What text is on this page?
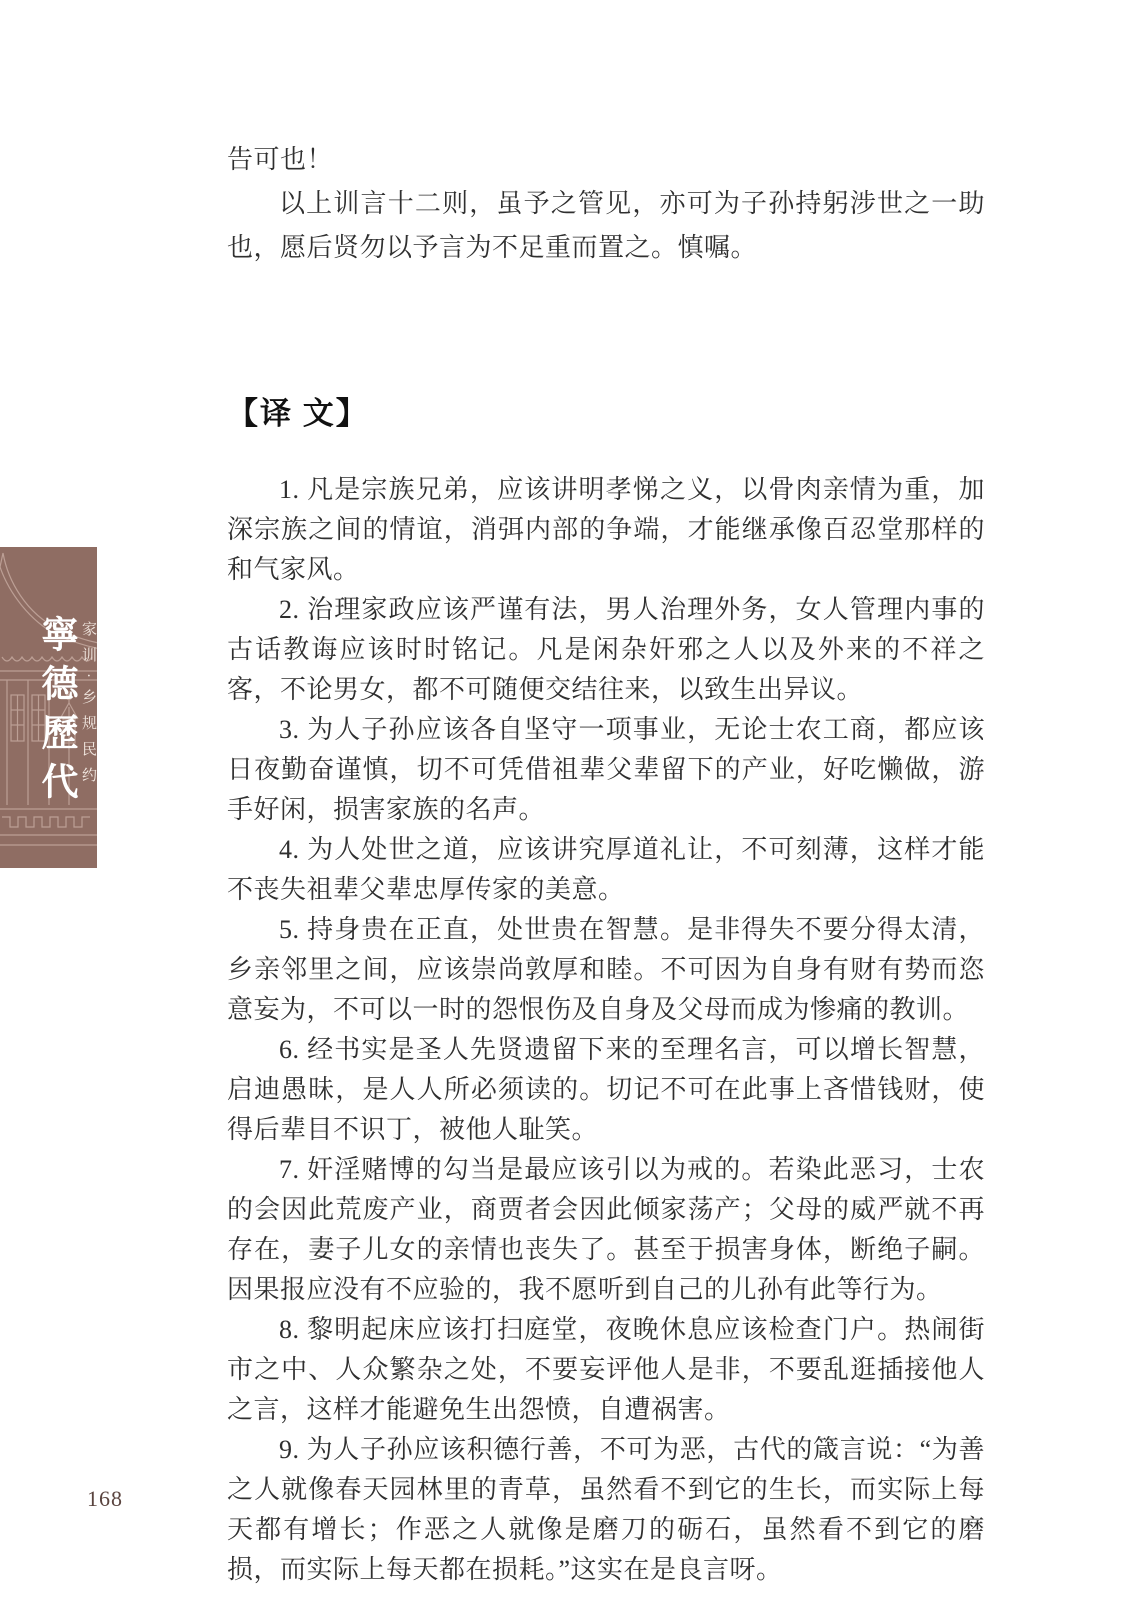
告可也！

以上训言十二则，虽予之管见，亦可为子孙持躬涉世之一助也，愿后贤勿以予言为不足重而置之。慎嘱。

【译 文】

1. 凡是宗族兄弟，应该讲明孝悌之义，以骨肉亲情为重，加深宗族之间的情谊，消弭内部的争端，才能继承像百忍堂那样的和气家风。

2. 治理家政应该严谨有法，男人治理外务，女人管理内事的古话教诲应该时时铭记。凡是闲杂奸邪之人以及外来的不祥之客，不论男女，都不可随便交结往来，以致生出异议。

3. 为人子孙应该各自坚守一项事业，无论士农工商，都应该日夜勤奋谨慎，切不可凭借祖辈父辈留下的产业，好吃懒做，游手好闲，损害家族的名声。

4. 为人处世之道，应该讲究厚道礼让，不可刻薄，这样才能不丧失祖辈父辈忠厚传家的美意。

5. 持身贵在正直，处世贵在智慧。是非得失不要分得太清，乡亲邻里之间，应该崇尚敦厚和睦。不可因为自身有财有势而恣意妄为，不可以一时的怨恨伤及自身及父母而成为惨痛的教训。

6. 经书实是圣人先贤遗留下来的至理名言，可以增长智慧，启迪愚昧，是人人所必须读的。切记不可在此事上吝惜钱财，使得后辈目不识丁，被他人耻笑。

7. 奸淫赌博的勾当是最应该引以为戒的。若染此恶习，士农的会因此荒废产业，商贾者会因此倾家荡产；父母的威严就不再存在，妻子儿女的亲情也丧失了。甚至于损害身体，断绝子嗣。因果报应没有不应验的，我不愿听到自己的儿孙有此等行为。

8. 黎明起床应该打扫庭堂，夜晚休息应该检查门户。热闹街市之中、人众繁杂之处，不要妄评他人是非，不要乱逛插接他人之言，这样才能避免生出怨愤，自遭祸害。

9. 为人子孙应该积德行善，不可为恶，古代的箴言说：“为善之人就像春天园林里的青草，虽然看不到它的生长，而实际上每天都有增长；作恶之人就像是磨刀的砺石，虽然看不到它的磨损，而实际上每天都在损耗。”这实在是良言呀。

寧德歷代 家训·乡规民约
168
